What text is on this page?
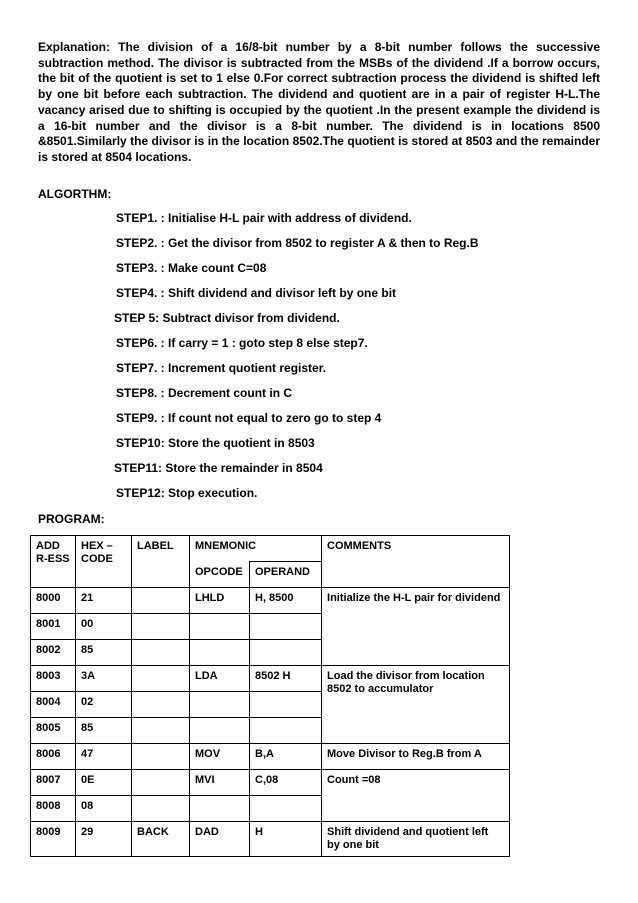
Explanation: The division of a 16/8-bit number by a 8-bit number follows the successive subtraction method. The divisor is subtracted from the MSBs of the dividend .If a borrow occurs, the bit of the quotient is set to 1 else 0.For correct subtraction process the dividend is shifted left by one bit before each subtraction. The dividend and quotient are in a pair of register H-L.The vacancy arised due to shifting is occupied by the quotient .In the present example the dividend is a 16-bit number and the divisor is a 8-bit number. The dividend is in locations 8500 &8501.Similarly the divisor is in the location 8502.The quotient is stored at 8503 and the remainder is stored at 8504 locations.

ALGORTHM:

STEP1. : Initialise H-L pair with address of dividend.
STEP2. : Get the divisor from 8502 to register A & then to Reg.B
STEP3. : Make count C=08
STEP4. : Shift dividend and divisor left by one bit
STEP 5: Subtract divisor from dividend.
STEP6. : If carry = 1 : goto step 8 else step7.
STEP7. : Increment quotient register.
STEP8. : Decrement count in C
STEP9. : If count not equal to zero go to step 4
STEP10: Store the quotient in 8503
STEP11: Store the remainder in 8504
STEP12: Stop execution.

PROGRAM:

ADD R-ESS	HEX – CODE	LABEL	MNEMONIC		COMMENTS
			OPCODE	OPERAND	
8000	21		LHLD	H, 8500	Initialize the H-L pair for dividend
8001	00				
8002	85				
8003	3A		LDA	8502 H	Load the divisor from location 8502 to accumulator
8004	02				
8005	85				
8006	47		MOV	B,A	Move Divisor to Reg.B from A
8007	0E		MVI	C,08	Count =08
8008	08				
8009	29	BACK	DAD	H	Shift dividend and quotient left by one bit
